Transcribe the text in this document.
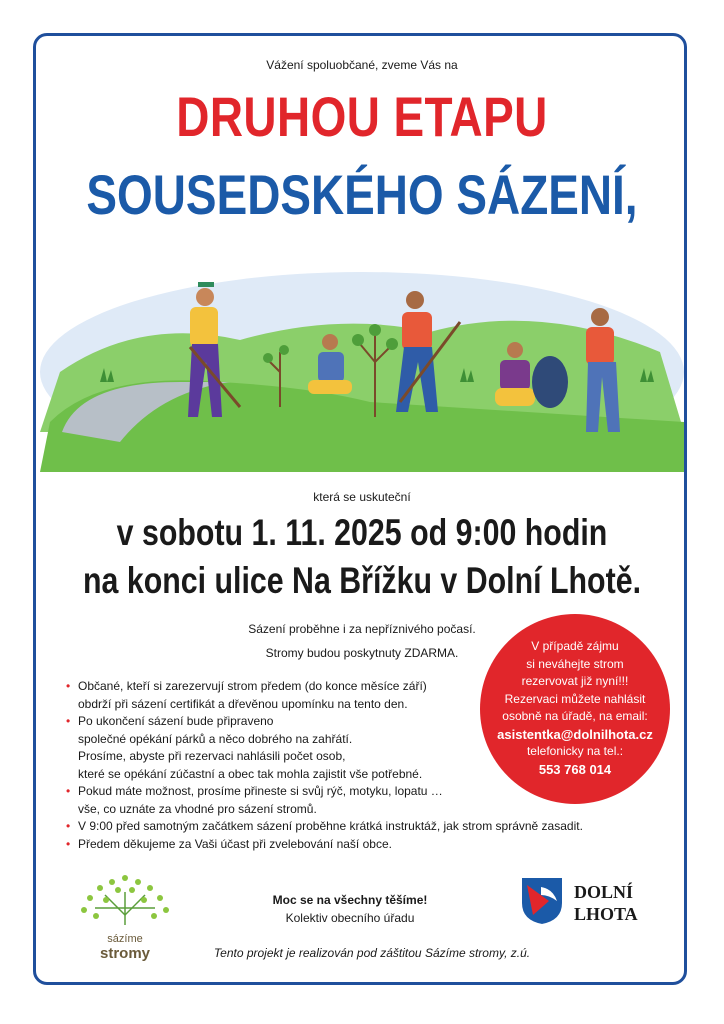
Vážení spoluobčané, zveme Vás na
DRUHOU ETAPU
SOUSEDSKÉHO SÁZENÍ,
která se uskuteční
v sobotu 1. 11. 2025 od 9:00 hodin
na konci ulice Na Břížku v Dolní Lhotě.
Sázení proběhne i za nepříznivého počasí.
Stromy budou poskytnuty ZDARMA.	V případě zájmu
si neváhejte strom
rezervovat již nyní!!!
Rezervaci můžete nahlásit
osobně na úřadě, na email:
asistentka@dolnilhota.cz
telefonicky na tel.:
553 768 014
• Občané, kteří si zarezervují strom předem (do konce měsíce září)
obdrží při sázení certifikát a dřevěnou upomínku na tento den.
• Po ukončení sázení bude připraveno
společné opékání párků a něco dobrého na zahřátí.
Prosíme, abyste při rezervaci nahlásili počet osob,
které se opékání zúčastní a obec tak mohla zajistit vše potřebné.
• Pokud máte možnost, prosíme přineste si svůj rýč, motyku, lopatu …
vše, co uznáte za vhodné pro sázení stromů.
• V 9:00 před samotným začátkem sázení proběhne krátká instruktáž, jak strom správně zasadit.
• Předem děkujeme za Vaši účast při zvelebování naší obce.
sázíme
stromy
Moc se na všechny těšíme!
Kolektiv obecního úřadu
DOLNÍ
LHOTA
Tento projekt je realizován pod záštitou Sázíme stromy, z.ú.
